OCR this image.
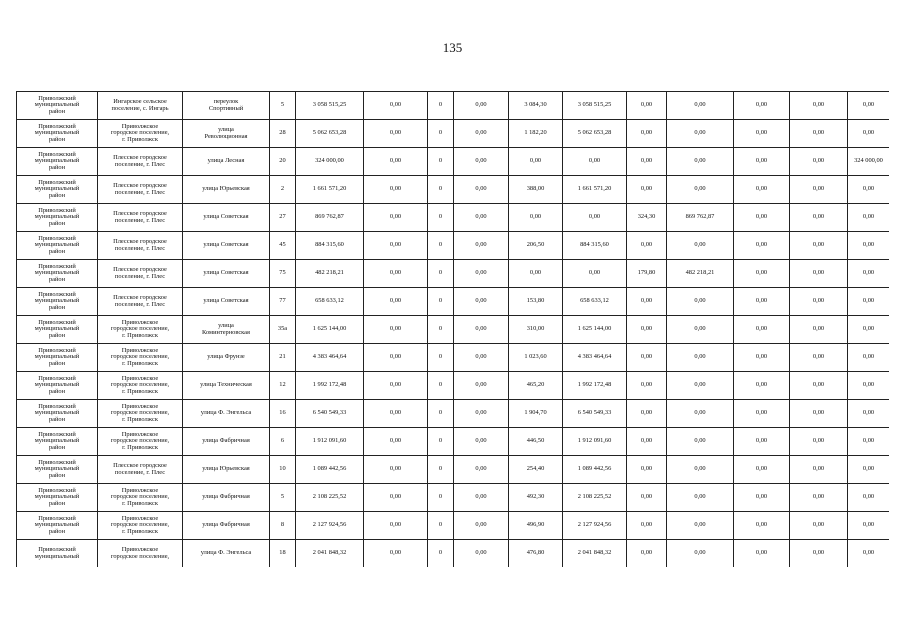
135
Приволжский
муниципальный
район	Ингарское сельское
поселение, с. Ингарь	переулок
Спортивный	5	3 058 515,25	0,00	0	0,00	3 084,30	3 058 515,25	0,00	0,00	0,00	0,00	0,00

Приволжский
муниципальный
район	Приволжское
городское поселение,
г. Приволжск	улица
Революционная	28	5 062 653,28	0,00	0	0,00	1 182,20	5 062 653,28	0,00	0,00	0,00	0,00	0,00

Приволжский
муниципальный
район	Плесское городское
поселение, г. Плес	улица Лесная	20	324 000,00	0,00	0	0,00	0,00	0,00	0,00	0,00	0,00	0,00	324 000,00

Приволжский
муниципальный
район	Плесское городское
поселение, г. Плес	улица Юрьевская	2	1 661 571,20	0,00	0	0,00	388,00	1 661 571,20	0,00	0,00	0,00	0,00	0,00

Приволжский
муниципальный
район	Плесское городское
поселение, г. Плес	улица Советская	27	869 762,87	0,00	0	0,00	0,00	0,00	324,30	869 762,87	0,00	0,00	0,00

Приволжский
муниципальный
район	Плесское городское
поселение, г. Плес	улица Советская	45	884 315,60	0,00	0	0,00	206,50	884 315,60	0,00	0,00	0,00	0,00	0,00

Приволжский
муниципальный
район	Плесское городское
поселение, г. Плес	улица Советская	75	482 218,21	0,00	0	0,00	0,00	0,00	179,80	482 218,21	0,00	0,00	0,00

Приволжский
муниципальный
район	Плесское городское
поселение, г. Плес	улица Советская	77	658 633,12	0,00	0	0,00	153,80	658 633,12	0,00	0,00	0,00	0,00	0,00

Приволжский
муниципальный
район	Приволжское
городское поселение,
г. Приволжск	улица
Коминтерновская	35а	1 625 144,00	0,00	0	0,00	310,00	1 625 144,00	0,00	0,00	0,00	0,00	0,00

Приволжский
муниципальный
район	Приволжское
городское поселение,
г. Приволжск	улица Фрунзе	21	4 383 464,64	0,00	0	0,00	1 023,60	4 383 464,64	0,00	0,00	0,00	0,00	0,00

Приволжский
муниципальный
район	Приволжское
городское поселение,
г. Приволжск	улица Техническая	12	1 992 172,48	0,00	0	0,00	465,20	1 992 172,48	0,00	0,00	0,00	0,00	0,00

Приволжский
муниципальный
район	Приволжское
городское поселение,
г. Приволжск	улица Ф. Энгельса	16	6 540 549,33	0,00	0	0,00	1 904,70	6 540 549,33	0,00	0,00	0,00	0,00	0,00

Приволжский
муниципальный
район	Приволжское
городское поселение,
г. Приволжск	улица Фабричная	6	1 912 091,60	0,00	0	0,00	446,50	1 912 091,60	0,00	0,00	0,00	0,00	0,00

Приволжский
муниципальный
район	Плесское городское
поселение, г. Плес	улица Юрьевская	10	1 089 442,56	0,00	0	0,00	254,40	1 089 442,56	0,00	0,00	0,00	0,00	0,00

Приволжский
муниципальный
район	Приволжское
городское поселение,
г. Приволжск	улица Фабричная	5	2 108 225,52	0,00	0	0,00	492,30	2 108 225,52	0,00	0,00	0,00	0,00	0,00

Приволжский
муниципальный
район	Приволжское
городское поселение,
г. Приволжск	улица Фабричная	8	2 127 924,56	0,00	0	0,00	496,90	2 127 924,56	0,00	0,00	0,00	0,00	0,00

Приволжский
муниципальный	Приволжское
городское поселение,	улица Ф. Энгельса	18	2 041 848,32	0,00	0	0,00	476,80	2 041 848,32	0,00	0,00	0,00	0,00	0,00
